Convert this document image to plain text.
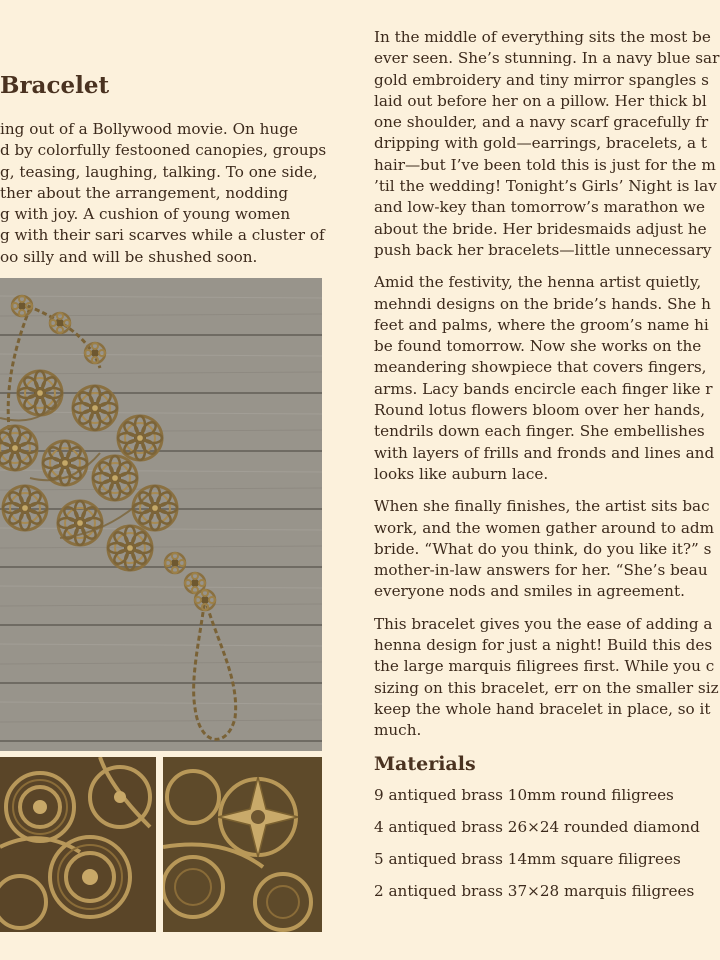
Bracelet
ing out of a Bollywood movie. On huge
d by colorfully festooned canopies, groups
g, teasing, laughing, talking. To one side,
ther about the arrangement, nodding
g with joy. A cushion of young women
g with their sari scarves while a cluster of
oo silly and will be shushed soon.

In the middle of everything sits the most be
ever seen. She’s stunning. In a navy blue sar
gold embroidery and tiny mirror spangles s
laid out before her on a pillow. Her thick bl
one shoulder, and a navy scarf gracefully fr
dripping with gold—earrings, bracelets, a t
hair—but I’ve been told this is just for the m
’til the wedding! Tonight’s Girls’ Night is lav
and low-key than tomorrow’s marathon we
about the bride. Her bridesmaids adjust he
push back her bracelets—little unnecessary

Amid the festivity, the henna artist quietly,
mehndi designs on the bride’s hands. She h
feet and palms, where the groom’s name hi
be found tomorrow. Now she works on the
meandering showpiece that covers fingers,
arms. Lacy bands encircle each finger like r
Round lotus flowers bloom over her hands,
tendrils down each finger. She embellishes
with layers of frills and fronds and lines and
looks like auburn lace.

When she finally finishes, the artist sits bac
work, and the women gather around to adm
bride. “What do you think, do you like it?” s
mother-in-law answers for her. “She’s beau
everyone nods and smiles in agreement.

This bracelet gives you the ease of adding a
henna design for just a night! Build this des
the large marquis filigrees first. While you c
sizing on this bracelet, err on the smaller siz
keep the whole hand bracelet in place, so it
much.

Materials
9 antiqued brass 10mm round filigrees
4 antiqued brass 26×24 rounded diamond
5 antiqued brass 14mm square filigrees
2 antiqued brass 37×28 marquis filigrees
